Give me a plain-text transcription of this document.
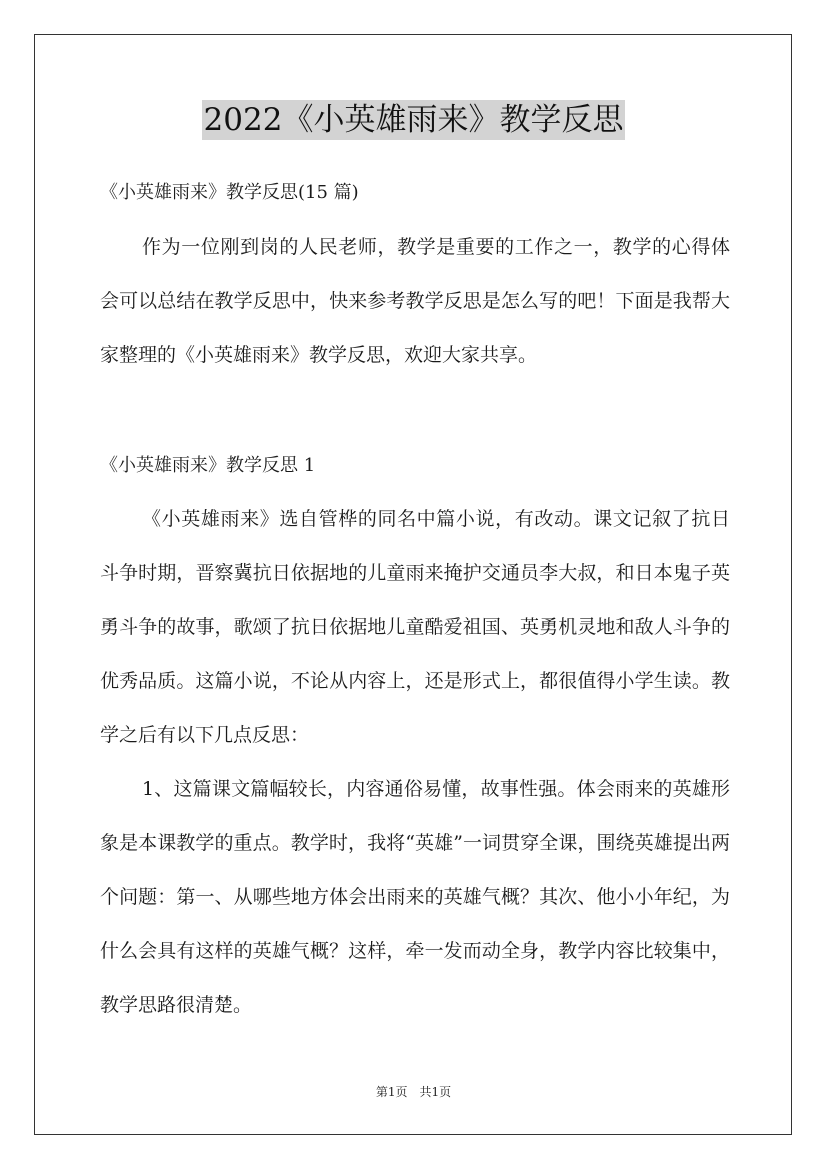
2022《小英雄雨来》教学反思
《小英雄雨来》教学反思(15 篇)

作为一位刚到岗的人民老师，教学是重要的工作之一，教学的心得体会可以总结在教学反思中，快来参考教学反思是怎么写的吧！下面是我帮大家整理的《小英雄雨来》教学反思，欢迎大家共享。

《小英雄雨来》教学反思 1

《小英雄雨来》选自管桦的同名中篇小说，有改动。课文记叙了抗日斗争时期，晋察冀抗日依据地的儿童雨来掩护交通员李大叔，和日本鬼子英勇斗争的故事，歌颂了抗日依据地儿童酷爱祖国、英勇机灵地和敌人斗争的优秀品质。这篇小说，不论从内容上，还是形式上，都很值得小学生读。教学之后有以下几点反思：

1、这篇课文篇幅较长，内容通俗易懂，故事性强。体会雨来的英雄形象是本课教学的重点。教学时，我将“英雄”一词贯穿全课，围绕英雄提出两个问题：第一、从哪些地方体会出雨来的英雄气概？其次、他小小年纪，为什么会具有这样的英雄气概？这样，牵一发而动全身，教学内容比较集中，教学思路很清楚。

第1页　共1页
